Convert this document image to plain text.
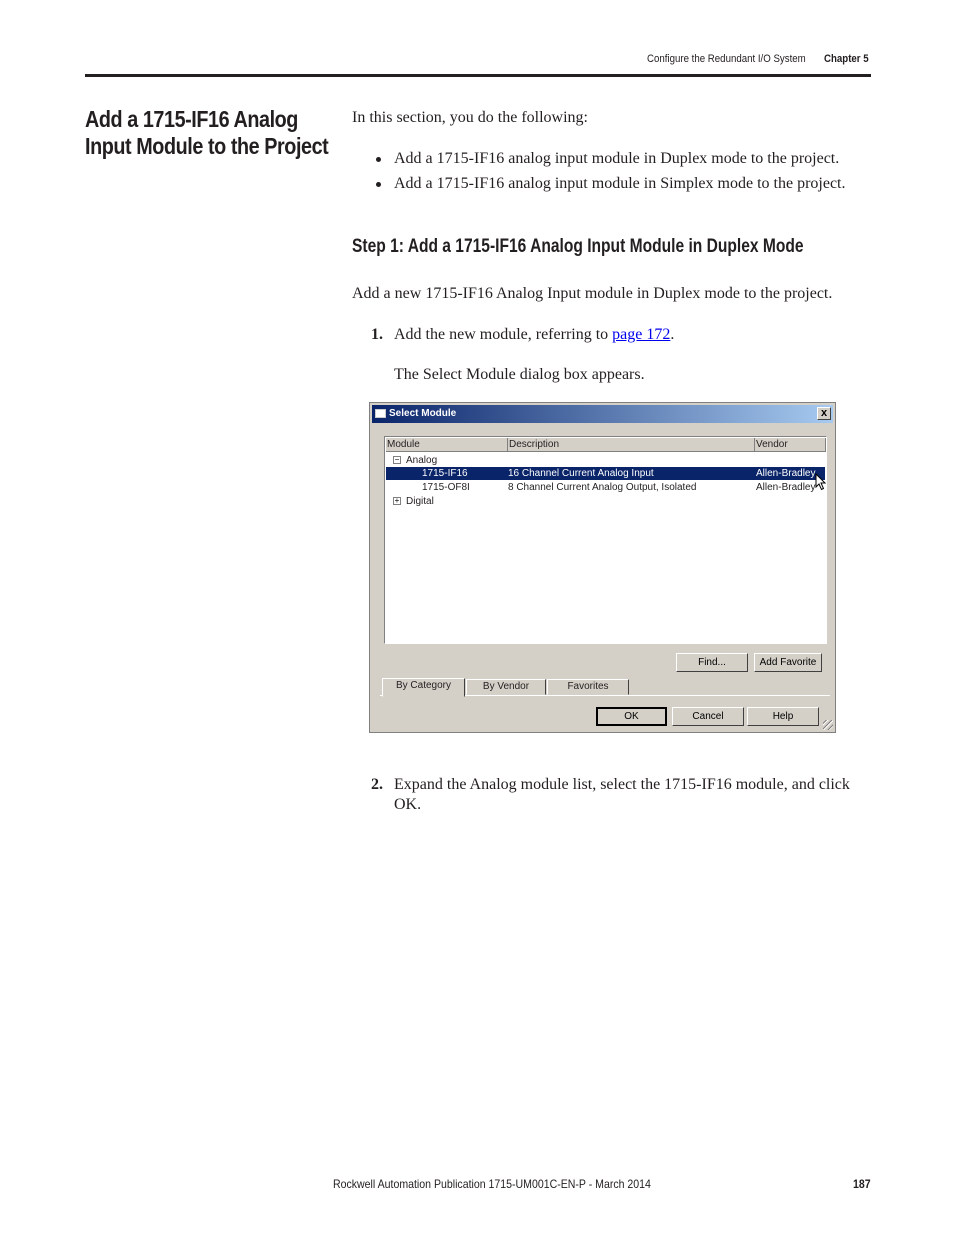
Configure the Redundant I/O System Chapter 5
Add a 1715-IF16 Analog
Input Module to the Project
In this section, you do the following:
Add a 1715-IF16 analog input module in Duplex mode to the project.
Add a 1715-IF16 analog input module in Simplex mode to the project.
Step 1: Add a 1715-IF16 Analog Input Module in Duplex Mode
Add a new 1715-IF16 Analog Input module in Duplex mode to the project.
1. Add the new module, referring to page 172.
The Select Module dialog box appears.
Select Module	x
Module	Description	Vendor
− Analog
1715-IF16	16 Channel Current Analog Input	Allen-Bradley
1715-OF8I	8 Channel Current Analog Output, Isolated	Allen-Bradley
+ Digital
Find...	Add Favorite
By Category	By Vendor	Favorites
OK	Cancel	Help
2. Expand the Analog module list, select the 1715-IF16 module, and click
OK.
Rockwell Automation Publication 1715-UM001C-EN-P - March 2014	187
